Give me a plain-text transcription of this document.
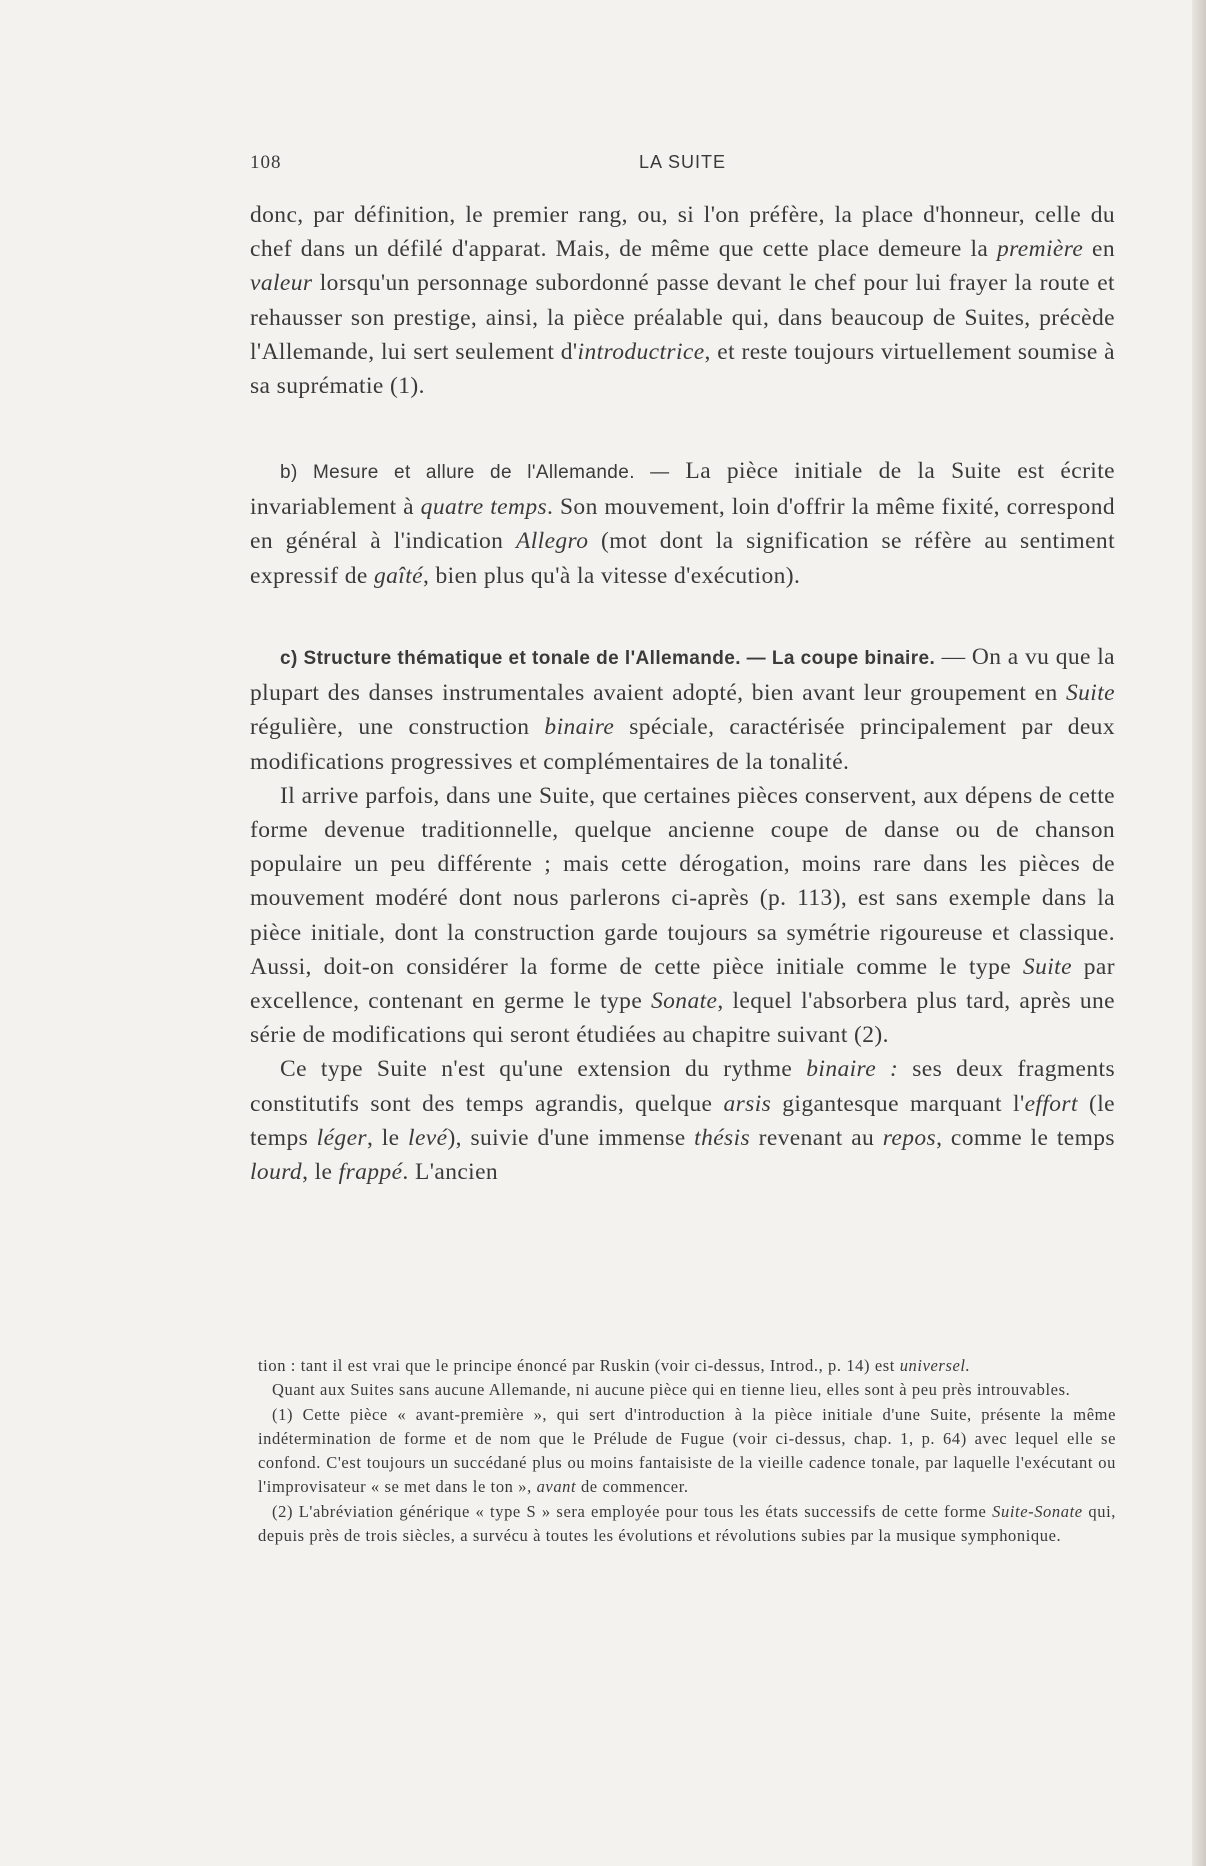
108	LA SUITE

donc, par définition, le premier rang, ou, si l'on préfère, la place d'honneur, celle du chef dans un défilé d'apparat. Mais, de même que cette place demeure la première en valeur lorsqu'un personnage subordonné passe devant le chef pour lui frayer la route et rehausser son prestige, ainsi, la pièce préalable qui, dans beaucoup de Suites, précède l'Allemande, lui sert seulement d'introductrice, et reste toujours virtuellement soumise à sa suprématie (1).

b) Mesure et allure de l'Allemande. — La pièce initiale de la Suite est écrite invariablement à quatre temps. Son mouvement, loin d'offrir la même fixité, correspond en général à l'indication Allegro (mot dont la signification se réfère au sentiment expressif de gaîté, bien plus qu'à la vitesse d'exécution).

c) Structure thématique et tonale de l'Allemande. — La coupe binaire. — On a vu que la plupart des danses instrumentales avaient adopté, bien avant leur groupement en Suite régulière, une construction binaire spéciale, caractérisée principalement par deux modifications progressives et complémentaires de la tonalité.

Il arrive parfois, dans une Suite, que certaines pièces conservent, aux dépens de cette forme devenue traditionnelle, quelque ancienne coupe de danse ou de chanson populaire un peu différente ; mais cette dérogation, moins rare dans les pièces de mouvement modéré dont nous parlerons ci-après (p. 113), est sans exemple dans la pièce initiale, dont la construction garde toujours sa symétrie rigoureuse et classique. Aussi, doit-on considérer la forme de cette pièce initiale comme le type Suite par excellence, contenant en germe le type Sonate, lequel l'absorbera plus tard, après une série de modifications qui seront étudiées au chapitre suivant (2).

Ce type Suite n'est qu'une extension du rythme binaire : ses deux fragments constitutifs sont des temps agrandis, quelque arsis gigantesque marquant l'effort (le temps léger, le levé), suivie d'une immense thésis revenant au repos, comme le temps lourd, le frappé. L'ancien

tion : tant il est vrai que le principe énoncé par Ruskin (voir ci-dessus, Introd., p. 14) est universel.

Quant aux Suites sans aucune Allemande, ni aucune pièce qui en tienne lieu, elles sont à peu près introuvables.

(1) Cette pièce « avant-première », qui sert d'introduction à la pièce initiale d'une Suite, présente la même indétermination de forme et de nom que le Prélude de Fugue (voir ci-dessus, chap. 1, p. 64) avec lequel elle se confond. C'est toujours un succédané plus ou moins fantaisiste de la vieille cadence tonale, par laquelle l'exécutant ou l'improvisateur « se met dans le ton », avant de commencer.

(2) L'abréviation générique « type S » sera employée pour tous les états successifs de cette forme Suite-Sonate qui, depuis près de trois siècles, a survécu à toutes les évolutions et révolutions subies par la musique symphonique.
